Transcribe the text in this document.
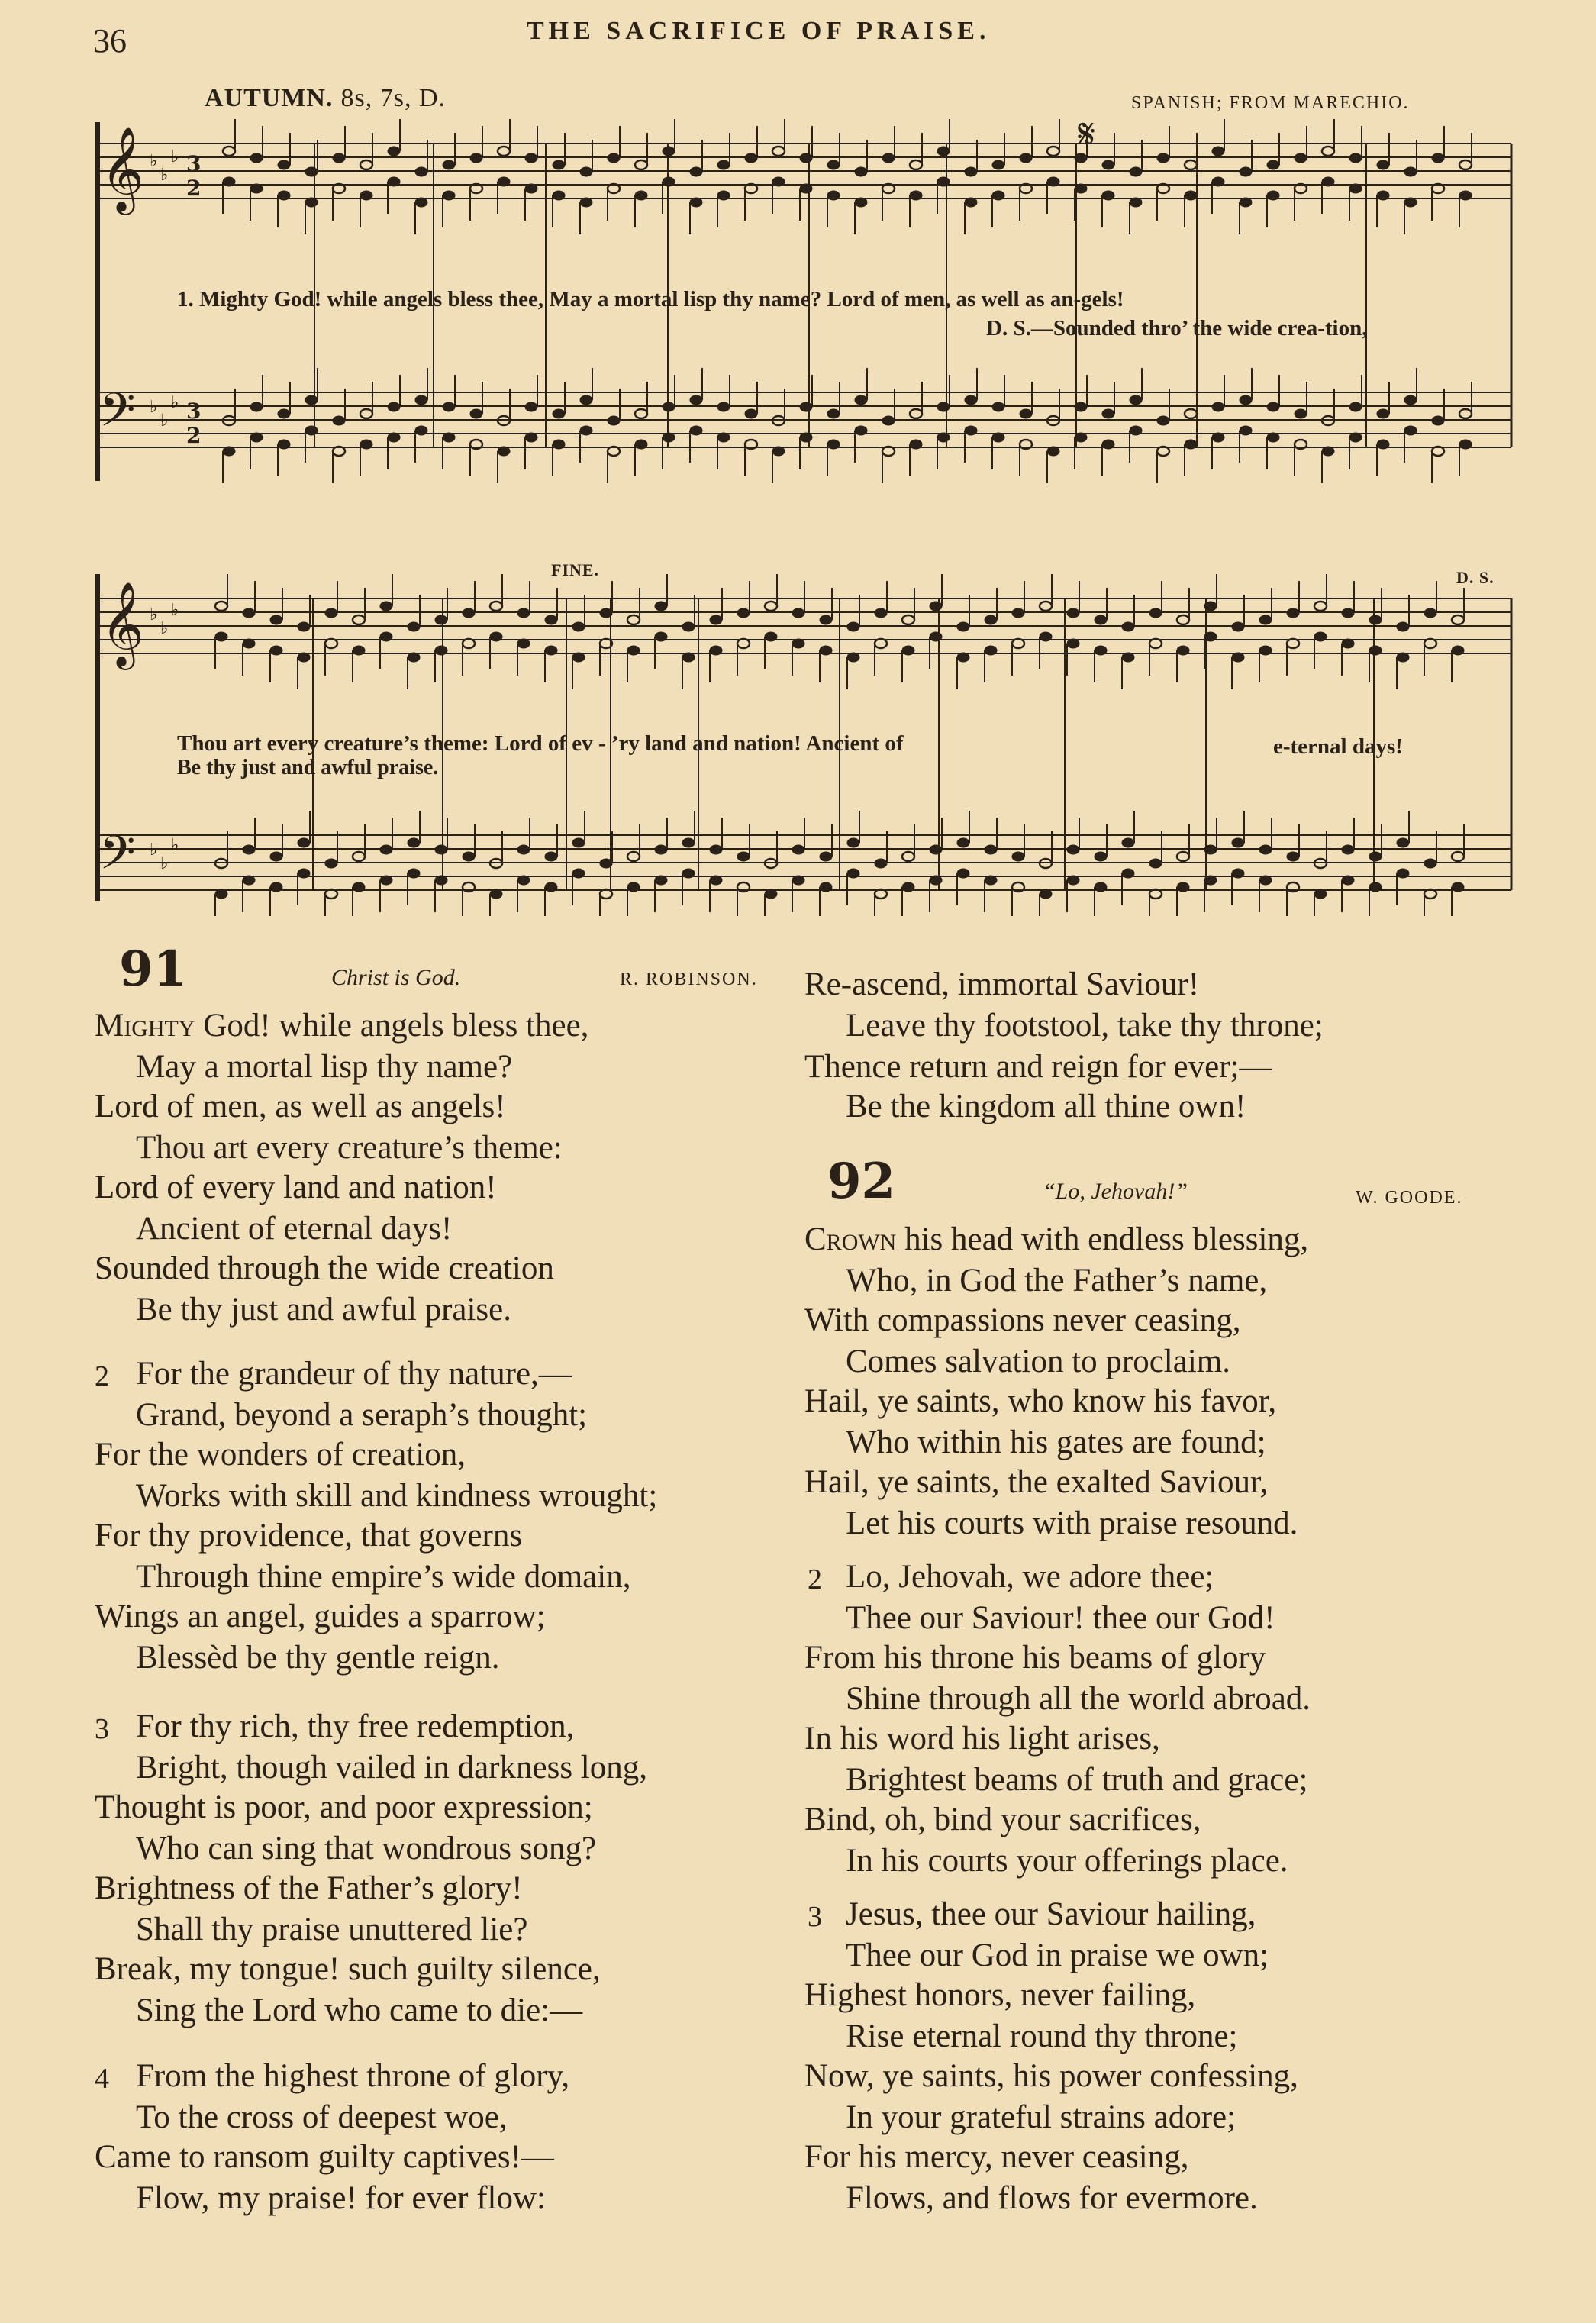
36	THE SACRIFICE OF PRAISE.
AUTUMN. 8s, 7s, D.	SPANISH; FROM MARECHIO.
𝄞
𝄞
𝄢
𝄢
𝄋
♭
♭
♭ 3
2
♭
♭
♭ 3
2
♭
♭
♭
♭
♭
♭
1. Mighty God! while angels bless thee, May a mortal lisp thy name? Lord of men, as well as an-gels!
D. S.—Sounded thro’ the wide crea-tion,
Thou art every creature’s theme: Lord of ev - ’ry land and nation! Ancient of	e-ternal days!
Be thy just and awful praise.
FINE.	D. S.
91	Christ is God.	R. ROBINSON.
92	“Lo, Jehovah!”	W. GOODE.
Mighty God! while angels bless thee,
May a mortal lisp thy name?
Lord of men, as well as angels!
Thou art every creature’s theme:
Lord of every land and nation!
Ancient of eternal days!
Sounded through the wide creation
Be thy just and awful praise.
2 For the grandeur of thy nature,—
Grand, beyond a seraph’s thought;
For the wonders of creation,
Works with skill and kindness wrought;
For thy providence, that governs
Through thine empire’s wide domain,
Wings an angel, guides a sparrow;
Blessèd be thy gentle reign.
3 For thy rich, thy free redemption,
Bright, though vailed in darkness long,
Thought is poor, and poor expression;
Who can sing that wondrous song?
Brightness of the Father’s glory!
Shall thy praise unuttered lie?
Break, my tongue! such guilty silence,
Sing the Lord who came to die:—
4 From the highest throne of glory,
To the cross of deepest woe,
Came to ransom guilty captives!—
Flow, my praise! for ever flow:
Re-ascend, immortal Saviour!
Leave thy footstool, take thy throne;
Thence return and reign for ever;—
Be the kingdom all thine own!
Crown his head with endless blessing,
Who, in God the Father’s name,
With compassions never ceasing,
Comes salvation to proclaim.
Hail, ye saints, who know his favor,
Who within his gates are found;
Hail, ye saints, the exalted Saviour,
Let his courts with praise resound.
2 Lo, Jehovah, we adore thee;
Thee our Saviour! thee our God!
From his throne his beams of glory
Shine through all the world abroad.
In his word his light arises,
Brightest beams of truth and grace;
Bind, oh, bind your sacrifices,
In his courts your offerings place.
3 Jesus, thee our Saviour hailing,
Thee our God in praise we own;
Highest honors, never failing,
Rise eternal round thy throne;
Now, ye saints, his power confessing,
In your grateful strains adore;
For his mercy, never ceasing,
Flows, and flows for evermore.
